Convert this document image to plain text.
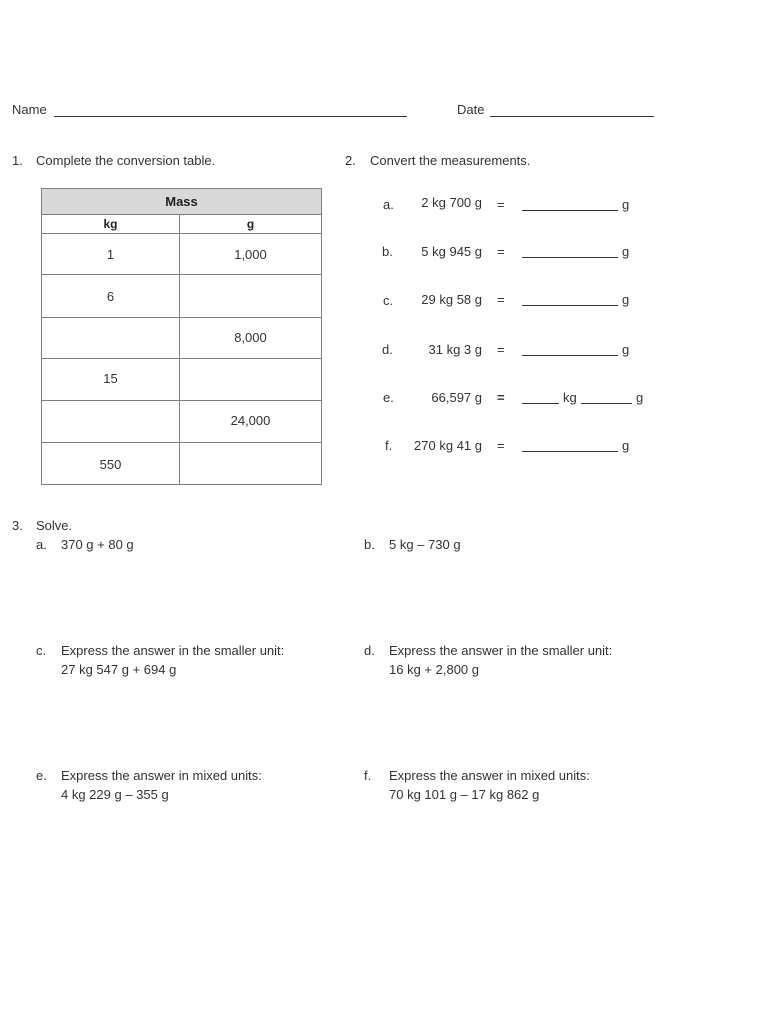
Name	Date
1. Complete the conversion table.
Mass	
kg	g
1	1,000
6	
	8,000
15	
	24,000
550	
2. Convert the measurements.
a.	2 kg 700 g =	g
b.	5 kg 945 g =	g
c.	29 kg 58 g =	g
d.	31 kg 3 g =	g
e.	66,597 g =	kg	g
f.	270 kg 41 g =	g
3. Solve.
a. 370 g + 80 g	b. 5 kg – 730 g
c. Express the answer in the smaller unit:
27 kg 547 g + 694 g
d. Express the answer in the smaller unit:
16 kg + 2,800 g
e. Express the answer in mixed units:
4 kg 229 g – 355 g
f. Express the answer in mixed units:
70 kg 101 g – 17 kg 862 g
